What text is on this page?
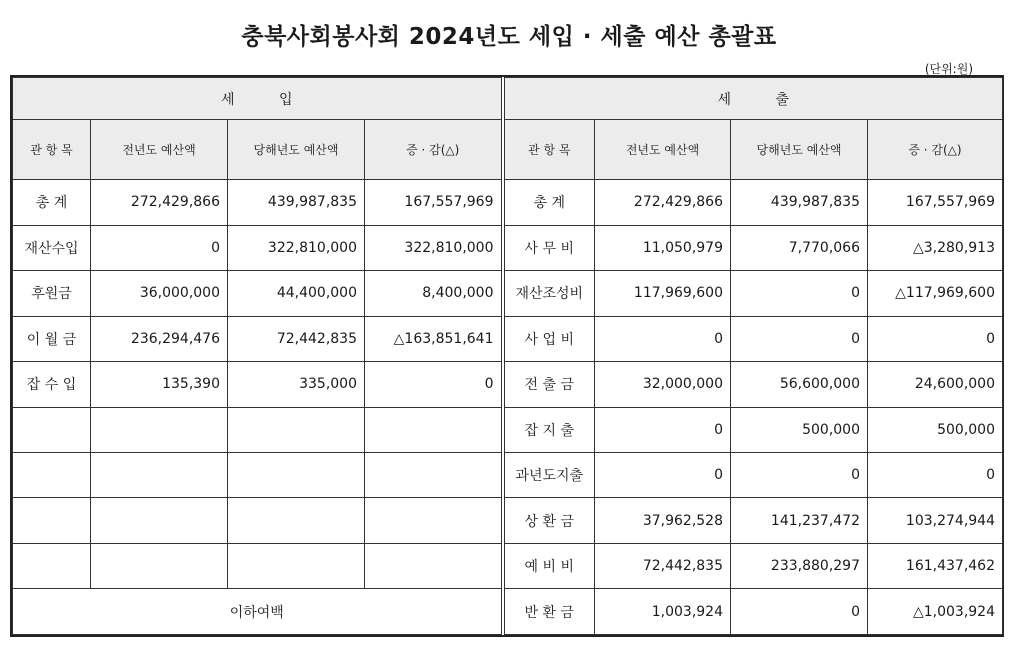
충북사회봉사회 2024년도 세입 · 세출 예산 총괄표
(단위:원)
세          입				세          출			
관 항 목	전년도 예산액	당해년도 예산액	증 · 감(△)	관 항 목	전년도 예산액	당해년도 예산액	증 · 감(△)
총 계	272,429,866	439,987,835	167,557,969	총 계	272,429,866	439,987,835	167,557,969
재산수입	0	322,810,000	322,810,000	사 무 비	11,050,979	7,770,066	△3,280,913
후원금	36,000,000	44,400,000	8,400,000	재산조성비	117,969,600	0	△117,969,600
이 월 금	236,294,476	72,442,835	△163,851,641	사 업 비	0	0	0
잡 수 입	135,390	335,000	0	전 출 금	32,000,000	56,600,000	24,600,000
				잡 지 출	0	500,000	500,000
				과년도지출	0	0	0
				상 환 금	37,962,528	141,237,472	103,274,944
				예 비 비	72,442,835	233,880,297	161,437,462
이하여백				반 환 금	1,003,924	0	△1,003,924
